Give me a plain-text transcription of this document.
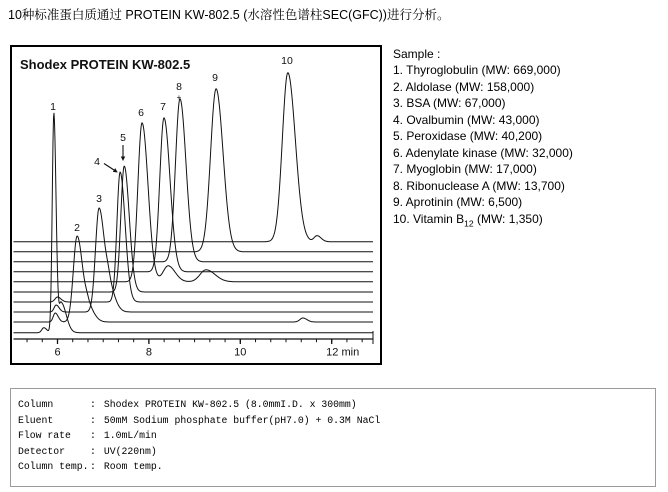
10种标准蛋白质通过 PROTEIN KW-802.5 (水溶性色谱柱SEC(GFC))进行分析。
Shodex PROTEIN KW-802.5
6	8	10	12 min
1
2
3
4
5
6 7
8
+
9
10	Sample :
1. Thyroglobulin (MW: 669,000)
2. Aldolase (MW: 158,000)
3. BSA (MW: 67,000)
4. Ovalbumin (MW: 43,000)
5. Peroxidase (MW: 40,200)
6. Adenylate kinase (MW: 32,000)
7. Myoglobin (MW: 17,000)
8. Ribonuclease A (MW: 13,700)
9. Aprotinin (MW: 6,500)
10. Vitamin $B_{12}$ (MW: 1,350)
Column	: Shodex PROTEIN KW-802.5 (8.0mmI.D. x 300mm)
Eluent	: 50mM Sodium phosphate buffer(pH7.0) + 0.3M NaCl
Flow rate : 1.0mL/min
Detector	: UV(220nm)
Column temp.: Room temp.
